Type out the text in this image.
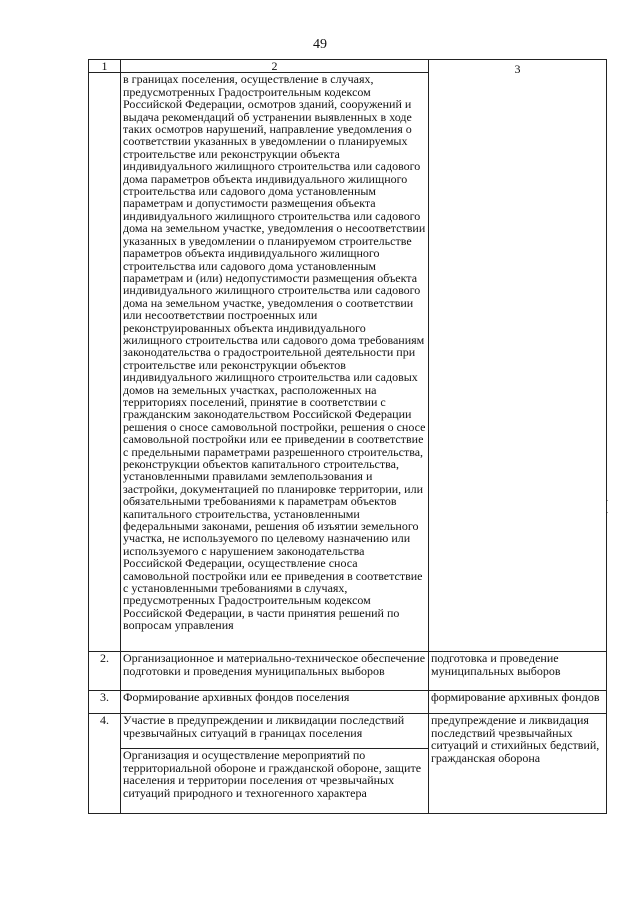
49
1	2	3

	в границах поселения, осуществление в случаях, предусмотренных Градостроительным кодексом Российской Федерации, осмотров зданий, сооружений и выдача рекомендаций об устранении выявленных в ходе таких осмотров нарушений, направление уведомления о соответствии указанных в уведомлении о планируемых строительстве или реконструкции объекта индивидуального жилищного строительства или садового дома параметров объекта индивидуального жилищного строительства или садового дома установленным параметрам и допустимости размещения объекта индивидуального жилищного строительства или садового дома на земельном участке, уведомления о несоответствии указанных в уведомлении о планируемом строительстве параметров объекта индивидуального жилищного строительства или садового дома установленным параметрам и (или) недопустимости размещения объекта индивидуального жилищного строительства или садового дома на земельном участке, уведомления о соответствии или несоответствии построенных или реконструированных объекта индивидуального жилищного строительства или садового дома требованиям законодательства о градостроительной деятельности при строительстве или реконструкции объектов индивидуального жилищного строительства или садовых домов на земельных участках, расположенных на территориях поселений, принятие в соответствии с гражданским законодательством Российской Федерации решения о сносе самовольной постройки, решения о сносе самовольной постройки или ее приведении в соответствие с предельными параметрами разрешенного строительства, реконструкции объектов капитального строительства, установленными правилами землепользования и застройки, документацией по планировке территории, или обязательными требованиями к параметрам объектов капитального строительства, установленными федеральными законами, решения об изъятии земельного участка, не используемого по целевому назначению или используемого с нарушением законодательства Российской Федерации, осуществление сноса самовольной постройки или ее приведения в соответствие с установленными требованиями в случаях, предусмотренных Градостроительным кодексом Российской Федерации, в части принятия решений по вопросам управления	
2.	Организационное и материально-техническое обеспечение подготовки и проведения муниципальных выборов	подготовка и проведение муниципальных выборов
3.	Формирование архивных фондов поселения	формирование архивных фондов
4.	Участие в предупреждении и ликвидации последствий чрезвычайных ситуаций в границах поселения	предупреждение и ликвидация последствий чрезвычайных ситуаций и стихийных бедствий, гражданская оборона
	Организация и осуществление мероприятий по территориальной обороне и гражданской обороне, защите населения и территории поселения от чрезвычайных ситуаций природного и техногенного характера	
